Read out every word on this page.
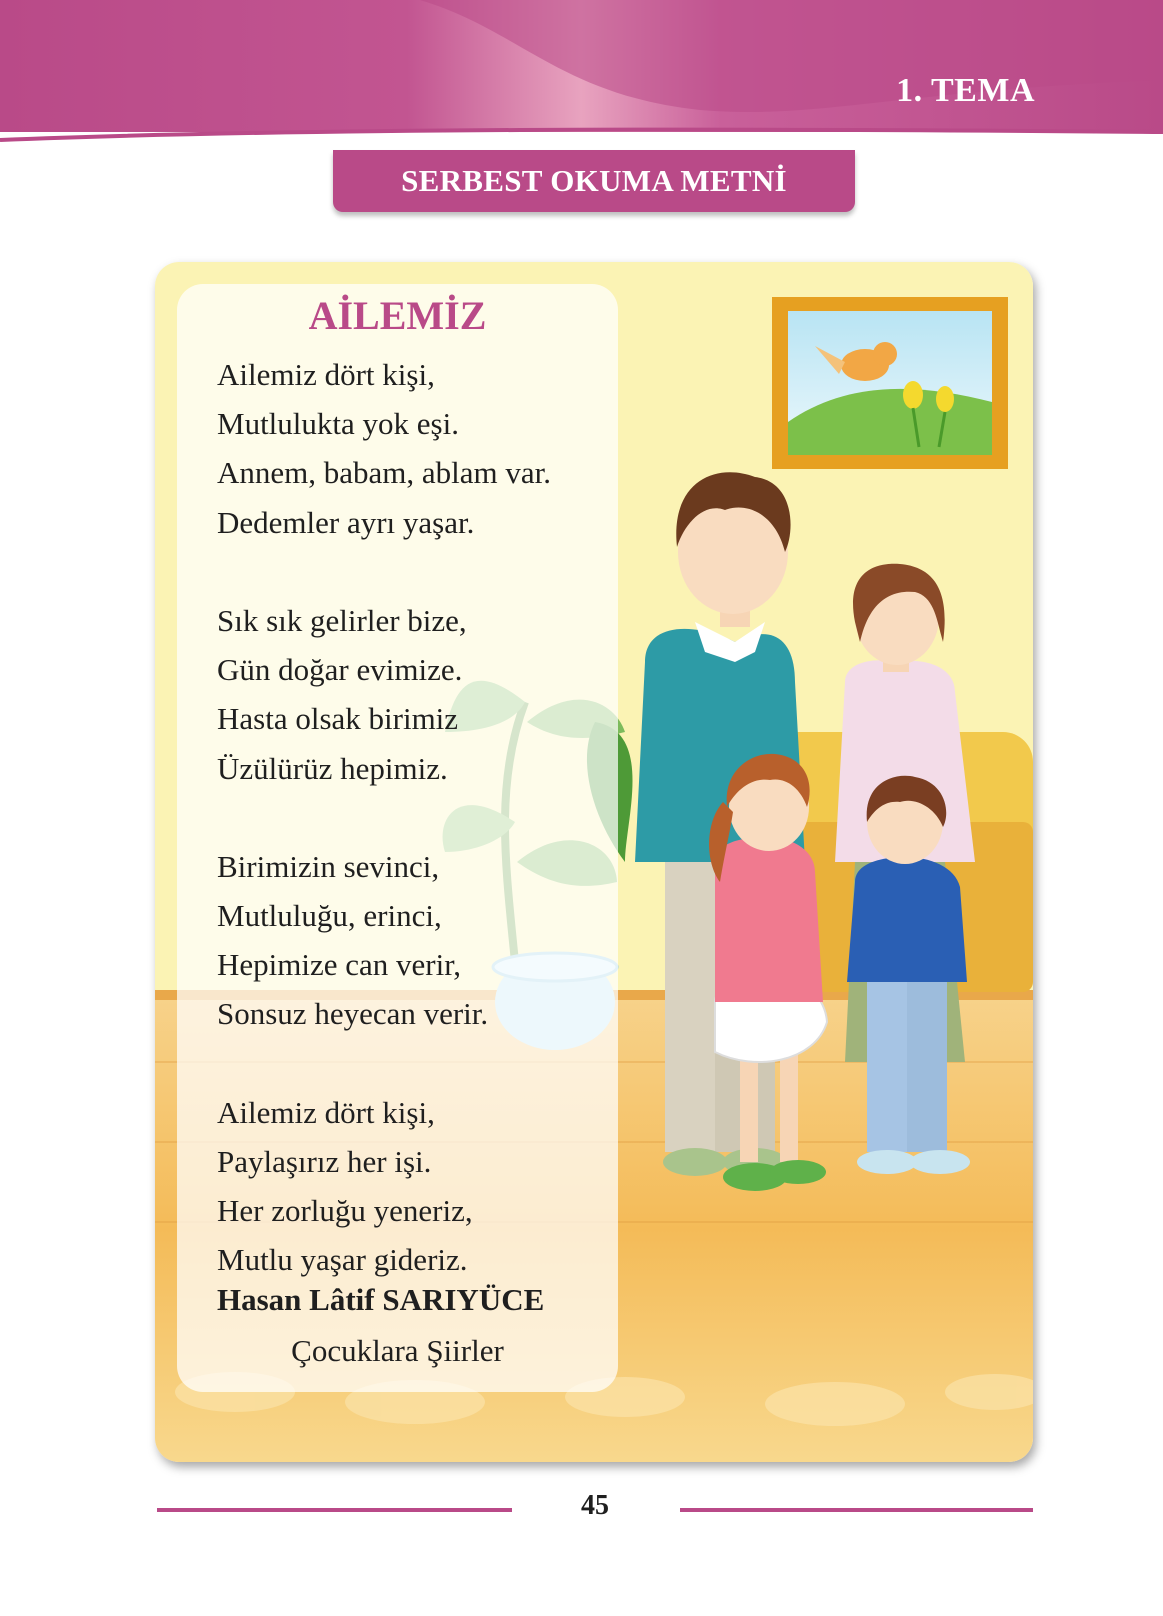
1. TEMA
SERBEST OKUMA METNİ
AİLEMİZ
Ailemiz dört kişi,
Mutlulukta yok eşi.
Annem, babam, ablam var.
Dedemler ayrı yaşar.
Sık sık gelirler bize,
Gün doğar evimize.
Hasta olsak birimiz
Üzülürüz hepimiz.
Birimizin sevinci,
Mutluluğu, erinci,
Hepimize can verir,
Sonsuz heyecan verir.
Ailemiz dört kişi,
Paylaşırız her işi.
Her zorluğu yeneriz,
Mutlu yaşar gideriz.
Hasan Lâtif SARIYÜCE
Çocuklara Şiirler
45
